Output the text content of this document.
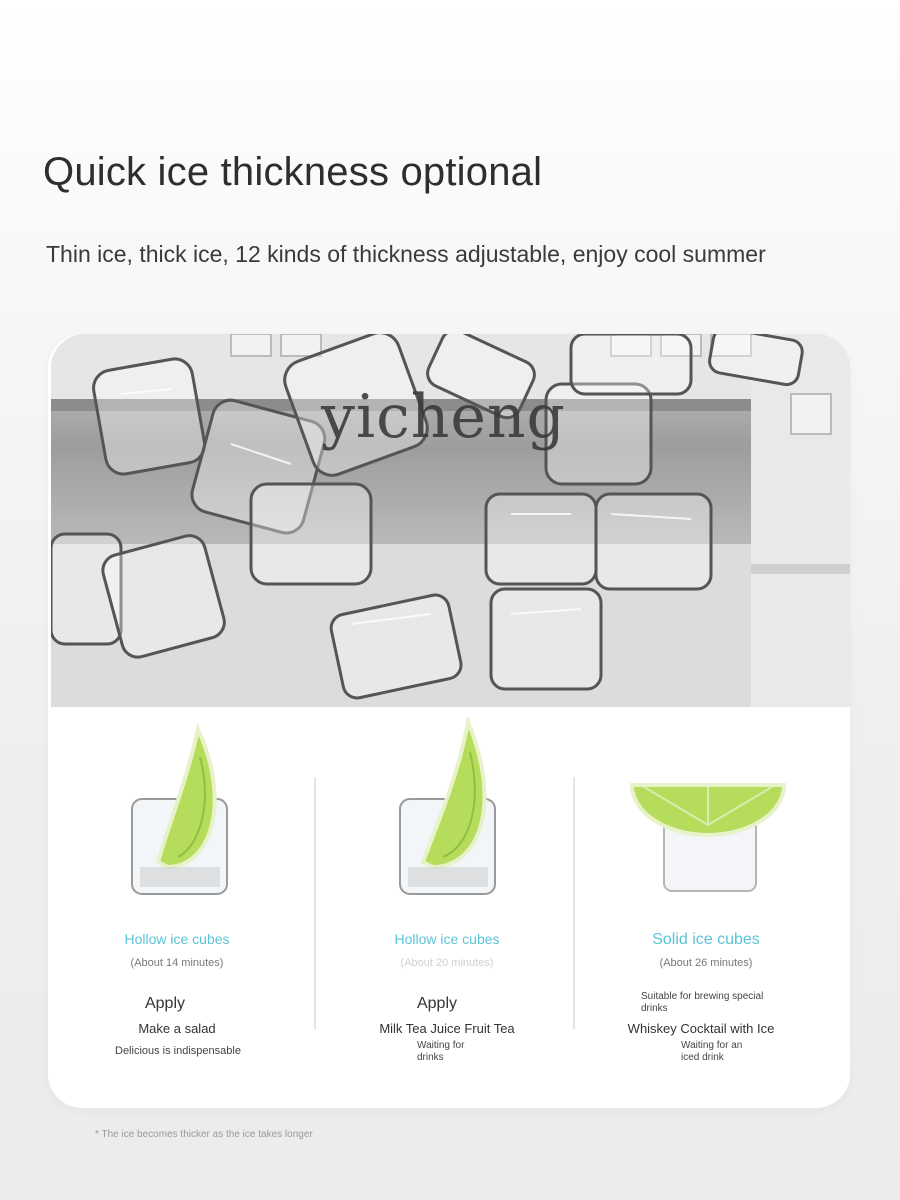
Quick ice thickness optional

Thin ice, thick ice, 12 kinds of thickness adjustable, enjoy cool summer

yicheng
Hollow ice cubes
(About 14 minutes)
Apply
Make a salad
Delicious is indispensable
Hollow ice cubes
(About 20 minutes)
Apply
Milk Tea Juice Fruit Tea
Waiting for drinks
Solid ice cubes
(About 26 minutes)
Suitable for brewing special drinks
Whiskey Cocktail with Ice
Waiting for an iced drink
* The ice becomes thicker as the ice takes longer
